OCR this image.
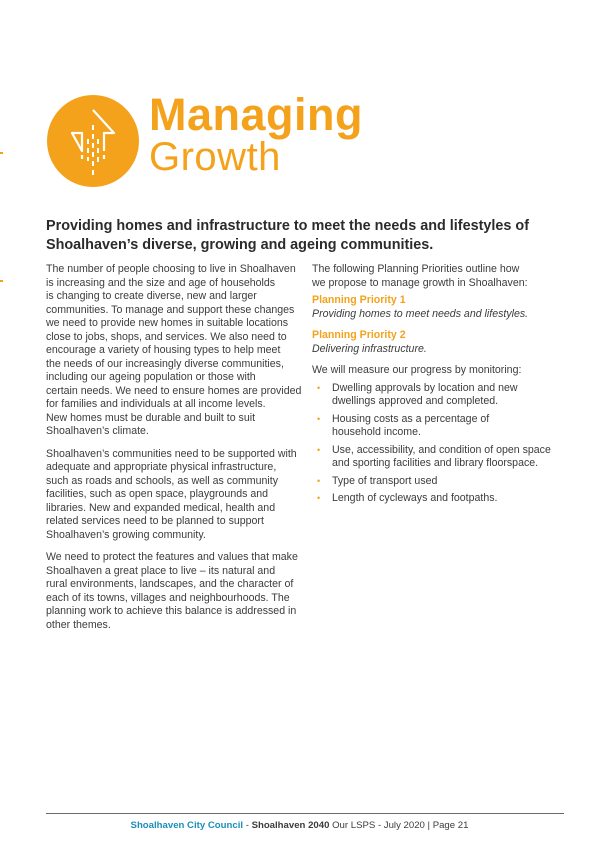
Managing
Growth
Providing homes and infrastructure to meet the needs and lifestyles of Shoalhaven’s diverse, growing and ageing communities.

The number of people choosing to live in Shoalhaven
is increasing and the size and age of households
is changing to create diverse, new and larger
communities. To manage and support these changes
we need to provide new homes in suitable locations
close to jobs, shops, and services. We also need to
encourage a variety of housing types to help meet
the needs of our increasingly diverse communities,
including our ageing population or those with
certain needs. We need to ensure homes are provided
for families and individuals at all income levels.
New homes must be durable and built to suit
Shoalhaven’s climate.

Shoalhaven’s communities need to be supported with
adequate and appropriate physical infrastructure,
such as roads and schools, as well as community
facilities, such as open space, playgrounds and
libraries. New and expanded medical, health and
related services need to be planned to support
Shoalhaven’s growing community.

We need to protect the features and values that make
Shoalhaven a great place to live – its natural and
rural environments, landscapes, and the character of
each of its towns, villages and neighbourhoods. The
planning work to achieve this balance is addressed in
other themes.

The following Planning Priorities outline how
we propose to manage growth in Shoalhaven:

Planning Priority 1
Providing homes to meet needs and lifestyles.
Planning Priority 2
Delivering infrastructure.

We will measure our progress by monitoring:

• Dwelling approvals by location and new
dwellings approved and completed.
• Housing costs as a percentage of
household income.
• Use, accessibility, and condition of open space
and sporting facilities and library floorspace.
• Type of transport used
• Length of cycleways and footpaths.
Shoalhaven City Council - Shoalhaven 2040 Our LSPS - July 2020 | Page 21
